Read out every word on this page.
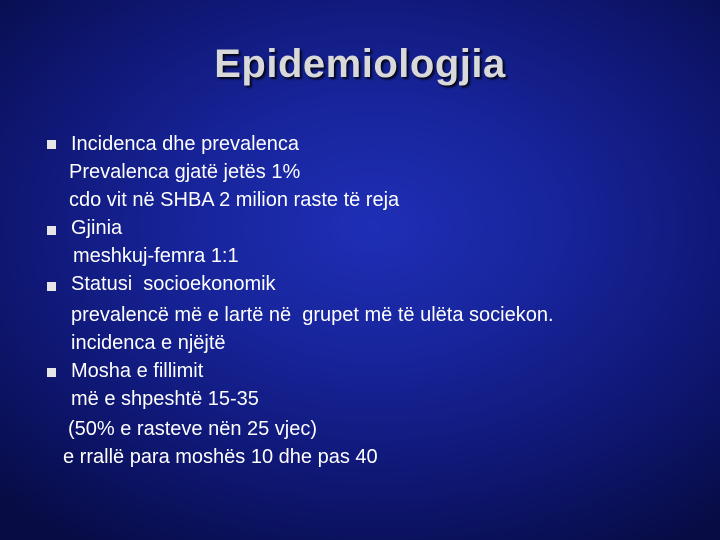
Epidemiologjia
Incidenca dhe prevalenca
Prevalenca gjatë jetës 1%
cdo vit në SHBA 2 milion raste të reja
Gjinia
meshkuj-femra 1:1
Statusi  socioekonomik
prevalencë më e lartë në  grupet më të ulëta sociekon.
incidenca e njëjtë
Mosha e fillimit
më e shpeshtë 15-35
(50% e rasteve nën 25 vjec)
e rrallë para moshës 10 dhe pas 40
